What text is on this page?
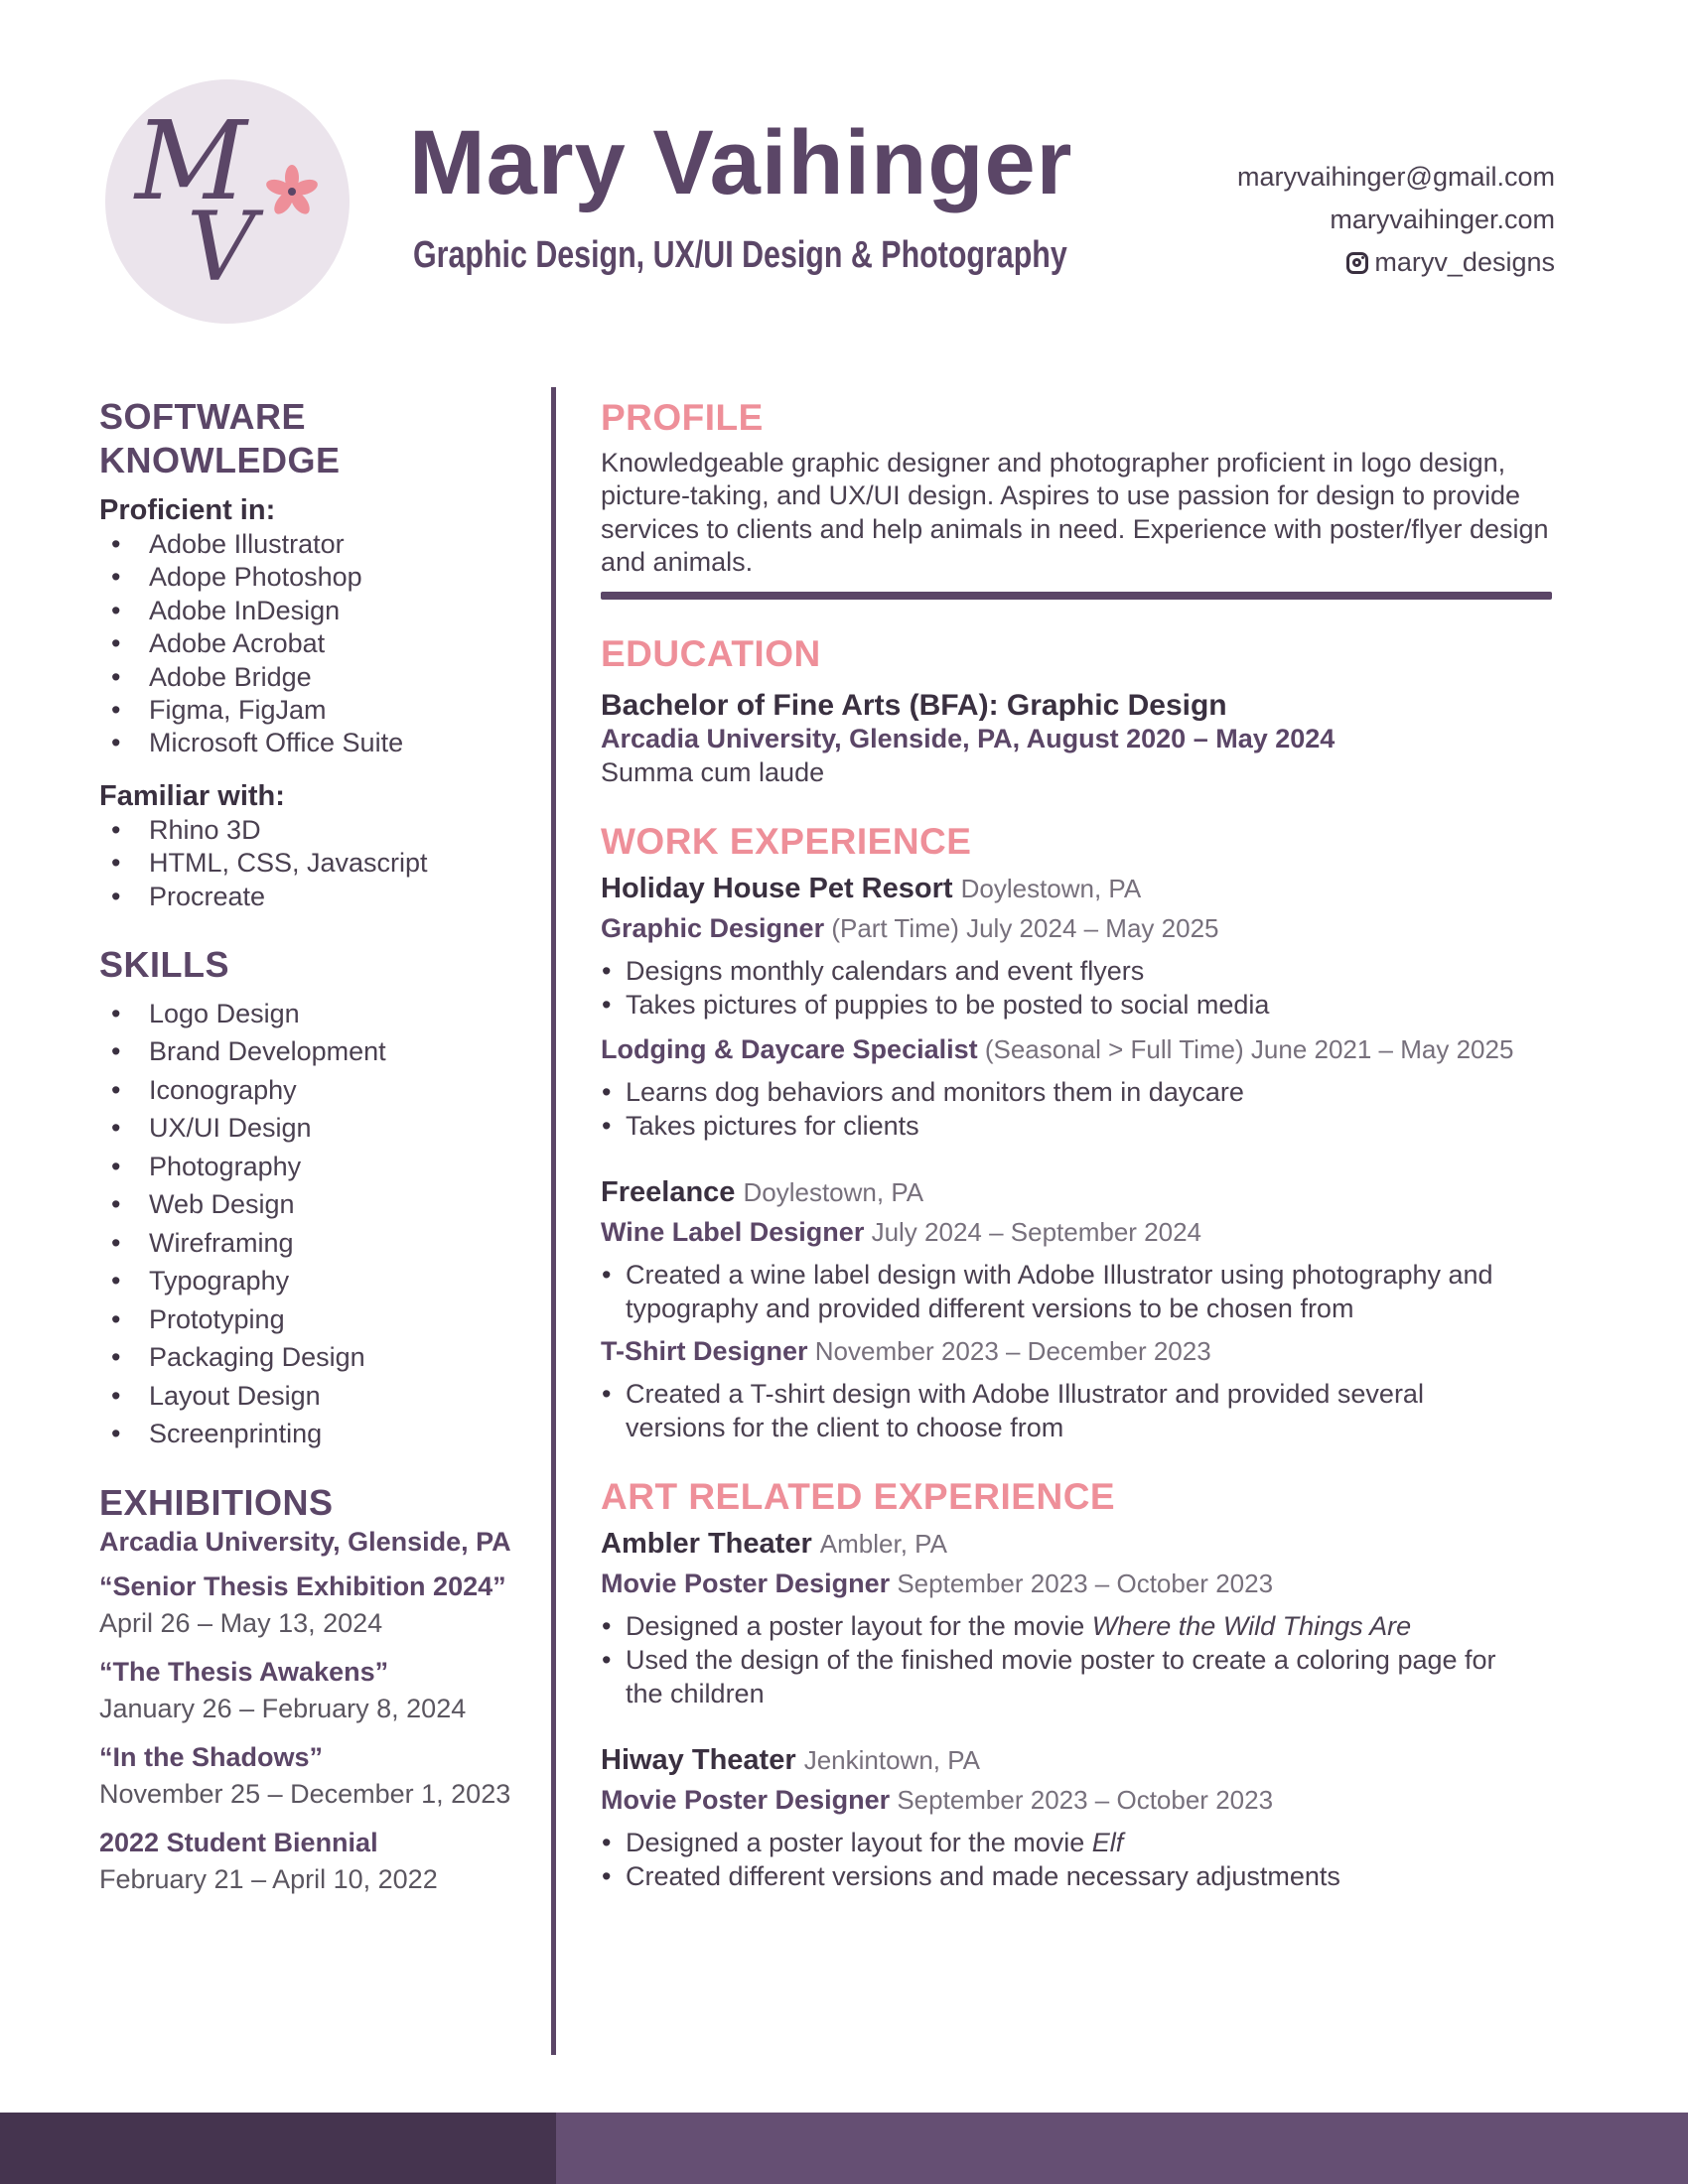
M
V
Mary Vaihinger
Graphic Design, UX/UI Design & Photography
maryvaihinger@gmail.com
maryvaihinger.com
maryv_designs
SOFTWARE
KNOWLEDGE
Proficient in:
• Adobe Illustrator
• Adope Photoshop
• Adobe InDesign
• Adobe Acrobat
• Adobe Bridge
• Figma, FigJam
• Microsoft Office Suite
Familiar with:
• Rhino 3D
• HTML, CSS, Javascript
• Procreate
SKILLS
• Logo Design
• Brand Development
• Iconography
• UX/UI Design
• Photography
• Web Design
• Wireframing
• Typography
• Prototyping
• Packaging Design
• Layout Design
• Screenprinting
EXHIBITIONS
Arcadia University, Glenside, PA
“Senior Thesis Exhibition 2024”
April 26 – May 13, 2024
“The Thesis Awakens”
January 26 – February 8, 2024
“In the Shadows”
November 25 – December 1, 2023
2022 Student Biennial
February 21 – April 10, 2022
PROFILE
Knowledgeable graphic designer and photographer proficient in logo design, picture-taking, and UX/UI design. Aspires to use passion for design to provide services to clients and help animals in need. Experience with poster/flyer design and animals.
EDUCATION
Bachelor of Fine Arts (BFA): Graphic Design
Arcadia University, Glenside, PA, August 2020 – May 2024
Summa cum laude
WORK EXPERIENCE
Holiday House Pet Resort Doylestown, PA
Graphic Designer (Part Time) July 2024 – May 2025
• Designs monthly calendars and event flyers
• Takes pictures of puppies to be posted to social media
Lodging & Daycare Specialist (Seasonal > Full Time) June 2021 – May 2025
• Learns dog behaviors and monitors them in daycare
• Takes pictures for clients
Freelance Doylestown, PA
Wine Label Designer July 2024 – September 2024
• Created a wine label design with Adobe Illustrator using photography and typography and provided different versions to be chosen from
T-Shirt Designer November 2023 – December 2023
• Created a T-shirt design with Adobe Illustrator and provided several versions for the client to choose from
ART RELATED EXPERIENCE
Ambler Theater Ambler, PA
Movie Poster Designer September 2023 – October 2023
• Designed a poster layout for the movie Where the Wild Things Are
• Used the design of the finished movie poster to create a coloring page for the children
Hiway Theater Jenkintown, PA
Movie Poster Designer September 2023 – October 2023
• Designed a poster layout for the movie Elf
• Created different versions and made necessary adjustments
